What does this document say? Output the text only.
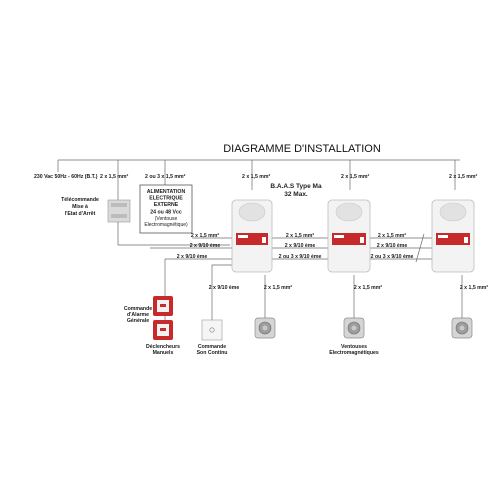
DIAGRAMME D'INSTALLATION
230 Vac 50Hz - 60Hz (B.T.) 2 x 1,5 mm²	2 ou 3 x 1,5 mm²	2 x 1,5 mm²	2 x 1,5 mm²	2 x 1,5 mm²
Télécommande
Mise à
l'Etat d'Arrêt
ALIMENTATION
ELECTRIQUE
EXTERNE
24 ou 48 Vcc
(Ventouse
Electromagnétique)
B.A.A.S Type Ma
32 Max.
2 x 1,5 mm²
2 x 9/10 ème
2 x 9/10 ème
2 x 1,5 mm²
2 x 9/10 ème
2 ou 3 x 9/10 ème
2 x 1,5 mm²
2 x 9/10 ème
2 ou 3 x 9/10 ème
2 x 9/10 ème	2 x 1,5 mm²	2 x 1,5 mm²	2 x 1,5 mm²
Commande
d'Alarme
Générale
Déclencheurs
Manuels
Commande
Son Continu
Ventouses
Electromagnétiques
